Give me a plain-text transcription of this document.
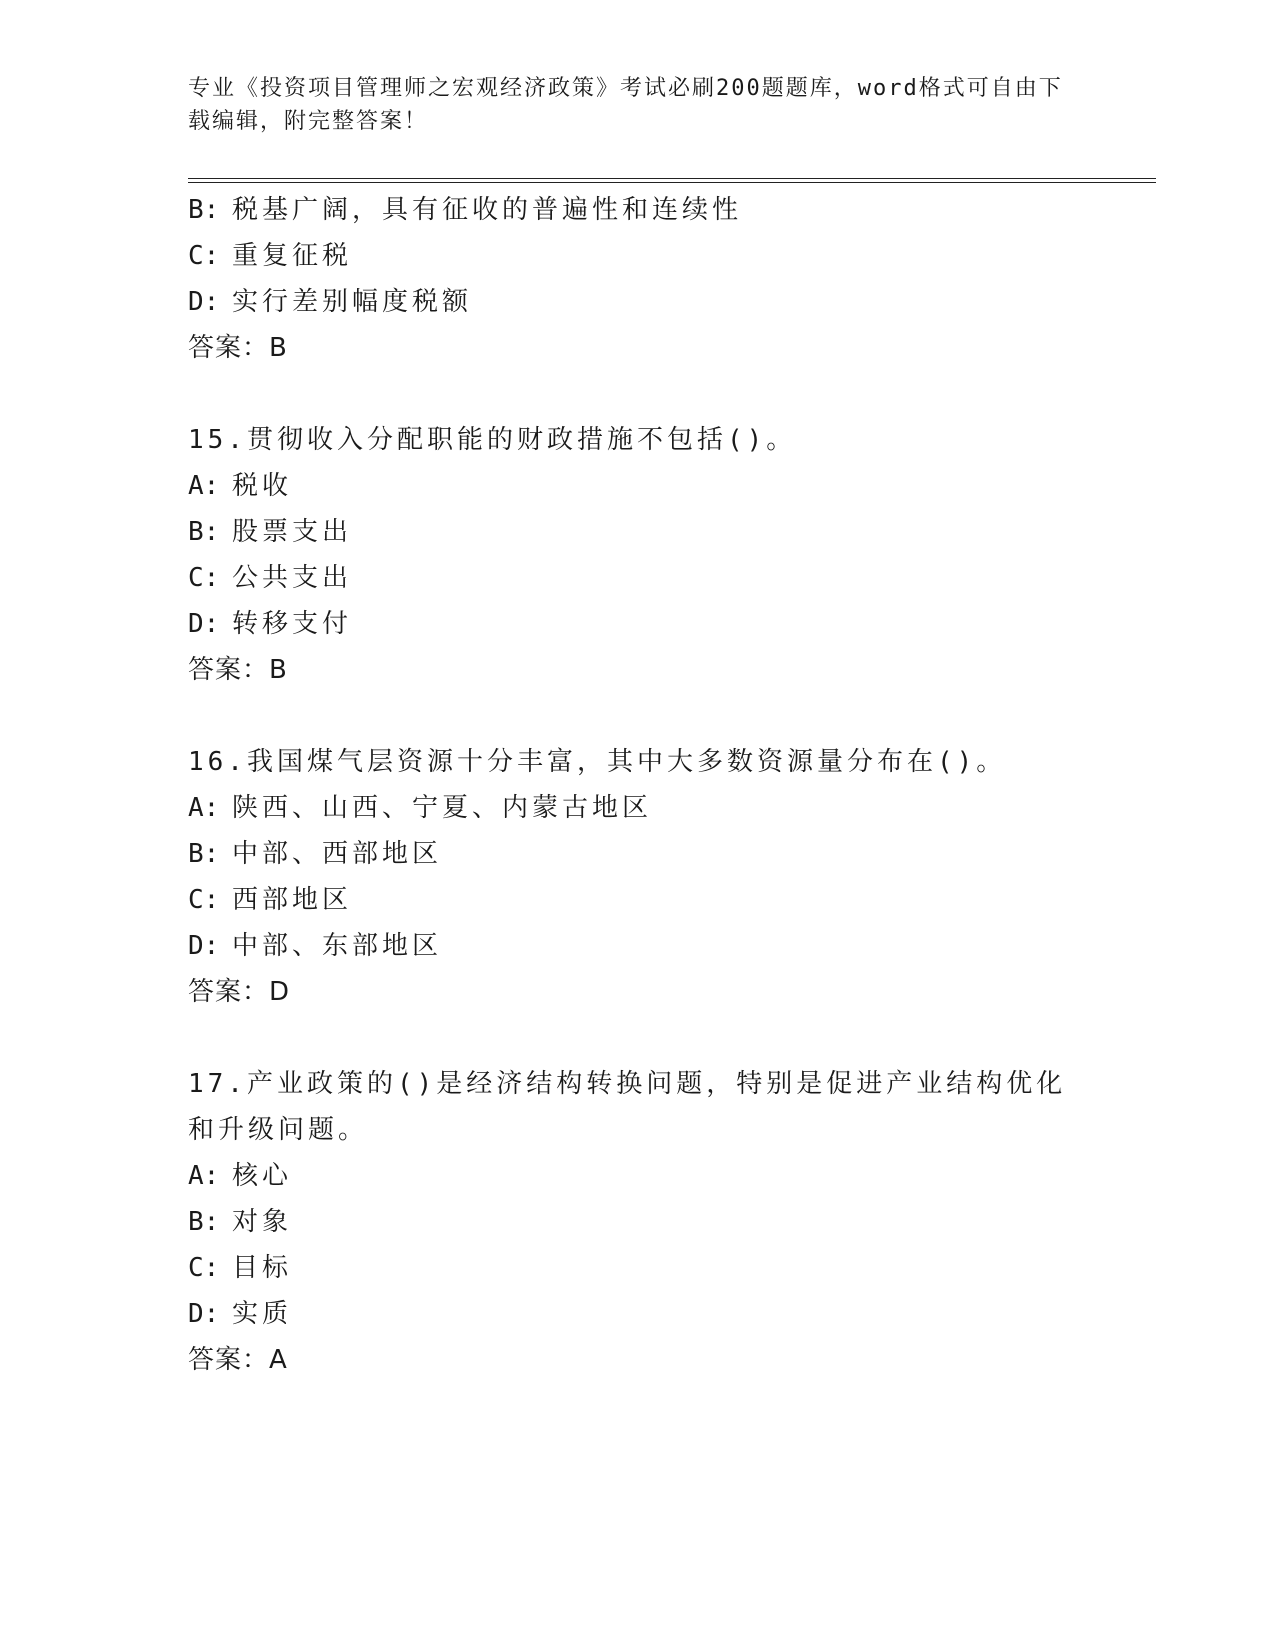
专业《投资项目管理师之宏观经济政策》考试必刷200题题库，word格式可自由下载编辑，附完整答案！
B: 税基广阔，具有征收的普遍性和连续性
C: 重复征税
D: 实行差别幅度税额
答案：B
15.贯彻收入分配职能的财政措施不包括()。
A: 税收
B: 股票支出
C: 公共支出
D: 转移支付
答案：B
16.我国煤气层资源十分丰富，其中大多数资源量分布在()。
A: 陕西、山西、宁夏、内蒙古地区
B: 中部、西部地区
C: 西部地区
D: 中部、东部地区
答案：D
17.产业政策的()是经济结构转换问题，特别是促进产业结构优化和升级问题。
A: 核心
B: 对象
C: 目标
D: 实质
答案：A
